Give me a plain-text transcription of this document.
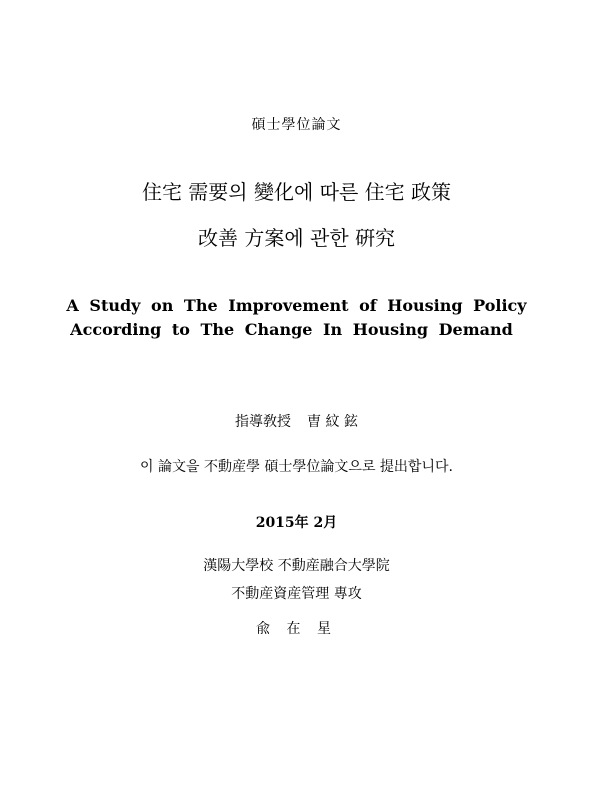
碩士學位論文
住宅 需要의 變化에 따른 住宅 政策
改善 方案에 관한 硏究
A Study on The Improvement of Housing Policy
According to The Change In Housing Demand
指導敎授 曺 紋 鉉
이 論文을 不動産學 碩士學位論文으로 提出합니다.
2015年 2月
漢陽大學校 不動産融合大學院
不動産資産管理 專攻
兪 在 星
